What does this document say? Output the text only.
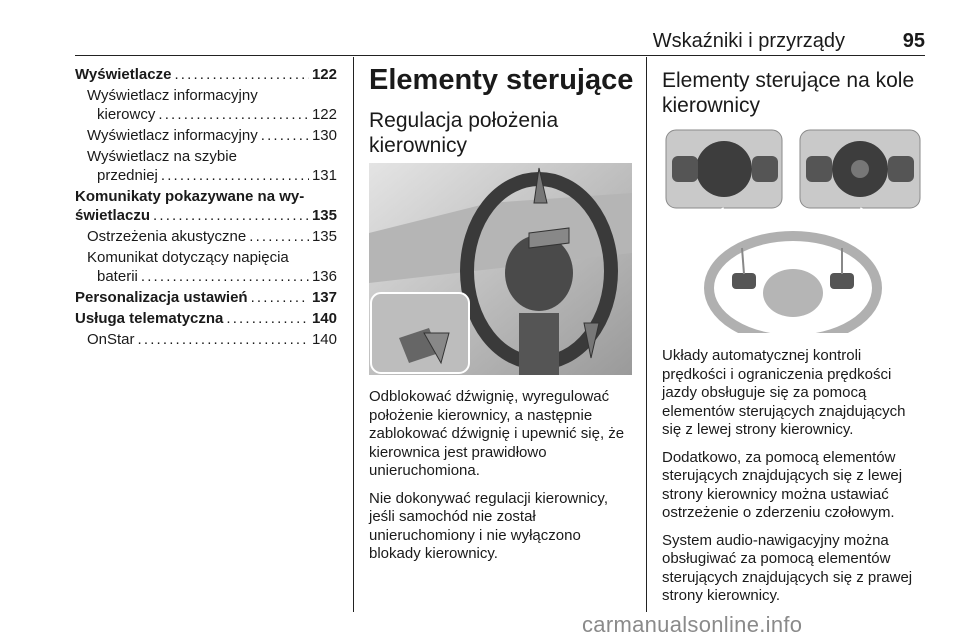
Wskaźniki i przyrządy	95
Wyświetlacze . . .	122
Wyświetlacz informacyjny
kierowcy . . .	122
Wyświetlacz informacyjny . . .	130
Wyświetlacz na szybie
przedniej . . .	131
Komunikaty pokazywane na wy-
świetlaczu . . .	135
Ostrzeżenia akustyczne . . .	135
Komunikat dotyczący napięcia
baterii . . .	136
Personalizacja ustawień . . .	137
Usługa telematyczna . . .	140
OnStar . . .	140
Elementy sterujące
Regulacja położenia kierownicy

Odblokować dźwignię, wyregulować położenie kierownicy, a następnie zablokować dźwignię i upewnić się, że kierownica jest prawidłowo unieruchomiona.

Nie dokonywać regulacji kierownicy, jeśli samochód nie został unieruchomiony i nie wyłączono blokady kierownicy.

Elementy sterujące na kole kierownicy

Układy automatycznej kontroli prędkości i ograniczenia prędkości jazdy obsługuje się za pomocą elementów sterujących znajdujących się z lewej strony kierownicy.

Dodatkowo, za pomocą elementów sterujących znajdujących się z lewej strony kierownicy można ustawiać ostrzeżenie o zderzeniu czołowym.

System audio-nawigacyjny można obsługiwać za pomocą elementów sterujących znajdujących się z prawej strony kierownicy.

carmanualsonline.info
